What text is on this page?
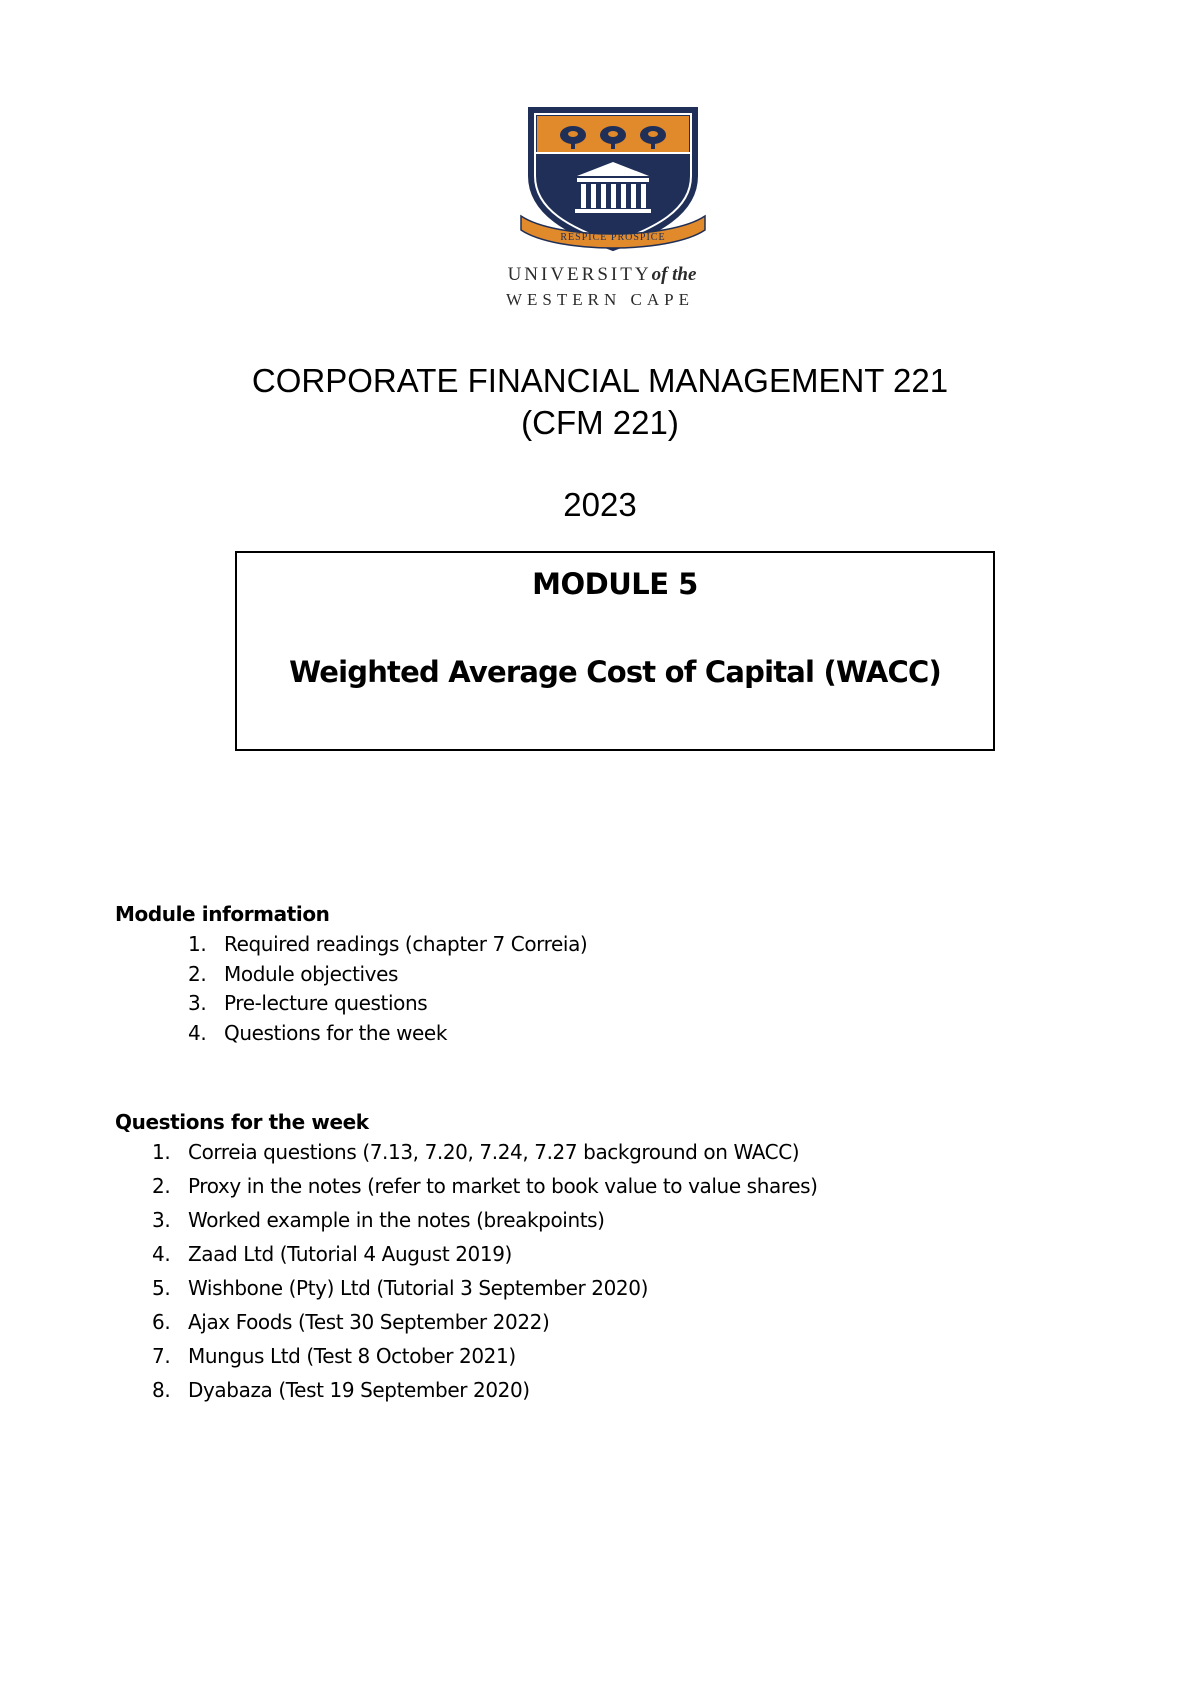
RESPICE PROSPICE
UNIVERSITYof the
WESTERN CAPE
CORPORATE FINANCIAL MANAGEMENT 221
(CFM 221)
2023
MODULE 5
Weighted Average Cost of Capital (WACC)
Module information
1. Required readings (chapter 7 Correia)
2. Module objectives
3. Pre-lecture questions
4. Questions for the week
Questions for the week
1. Correia questions (7.13, 7.20, 7.24, 7.27 background on WACC)
2. Proxy in the notes (refer to market to book value to value shares)
3. Worked example in the notes (breakpoints)
4. Zaad Ltd (Tutorial 4 August 2019)
5. Wishbone (Pty) Ltd (Tutorial 3 September 2020)
6. Ajax Foods (Test 30 September 2022)
7. Mungus Ltd (Test 8 October 2021)
8. Dyabaza (Test 19 September 2020)
